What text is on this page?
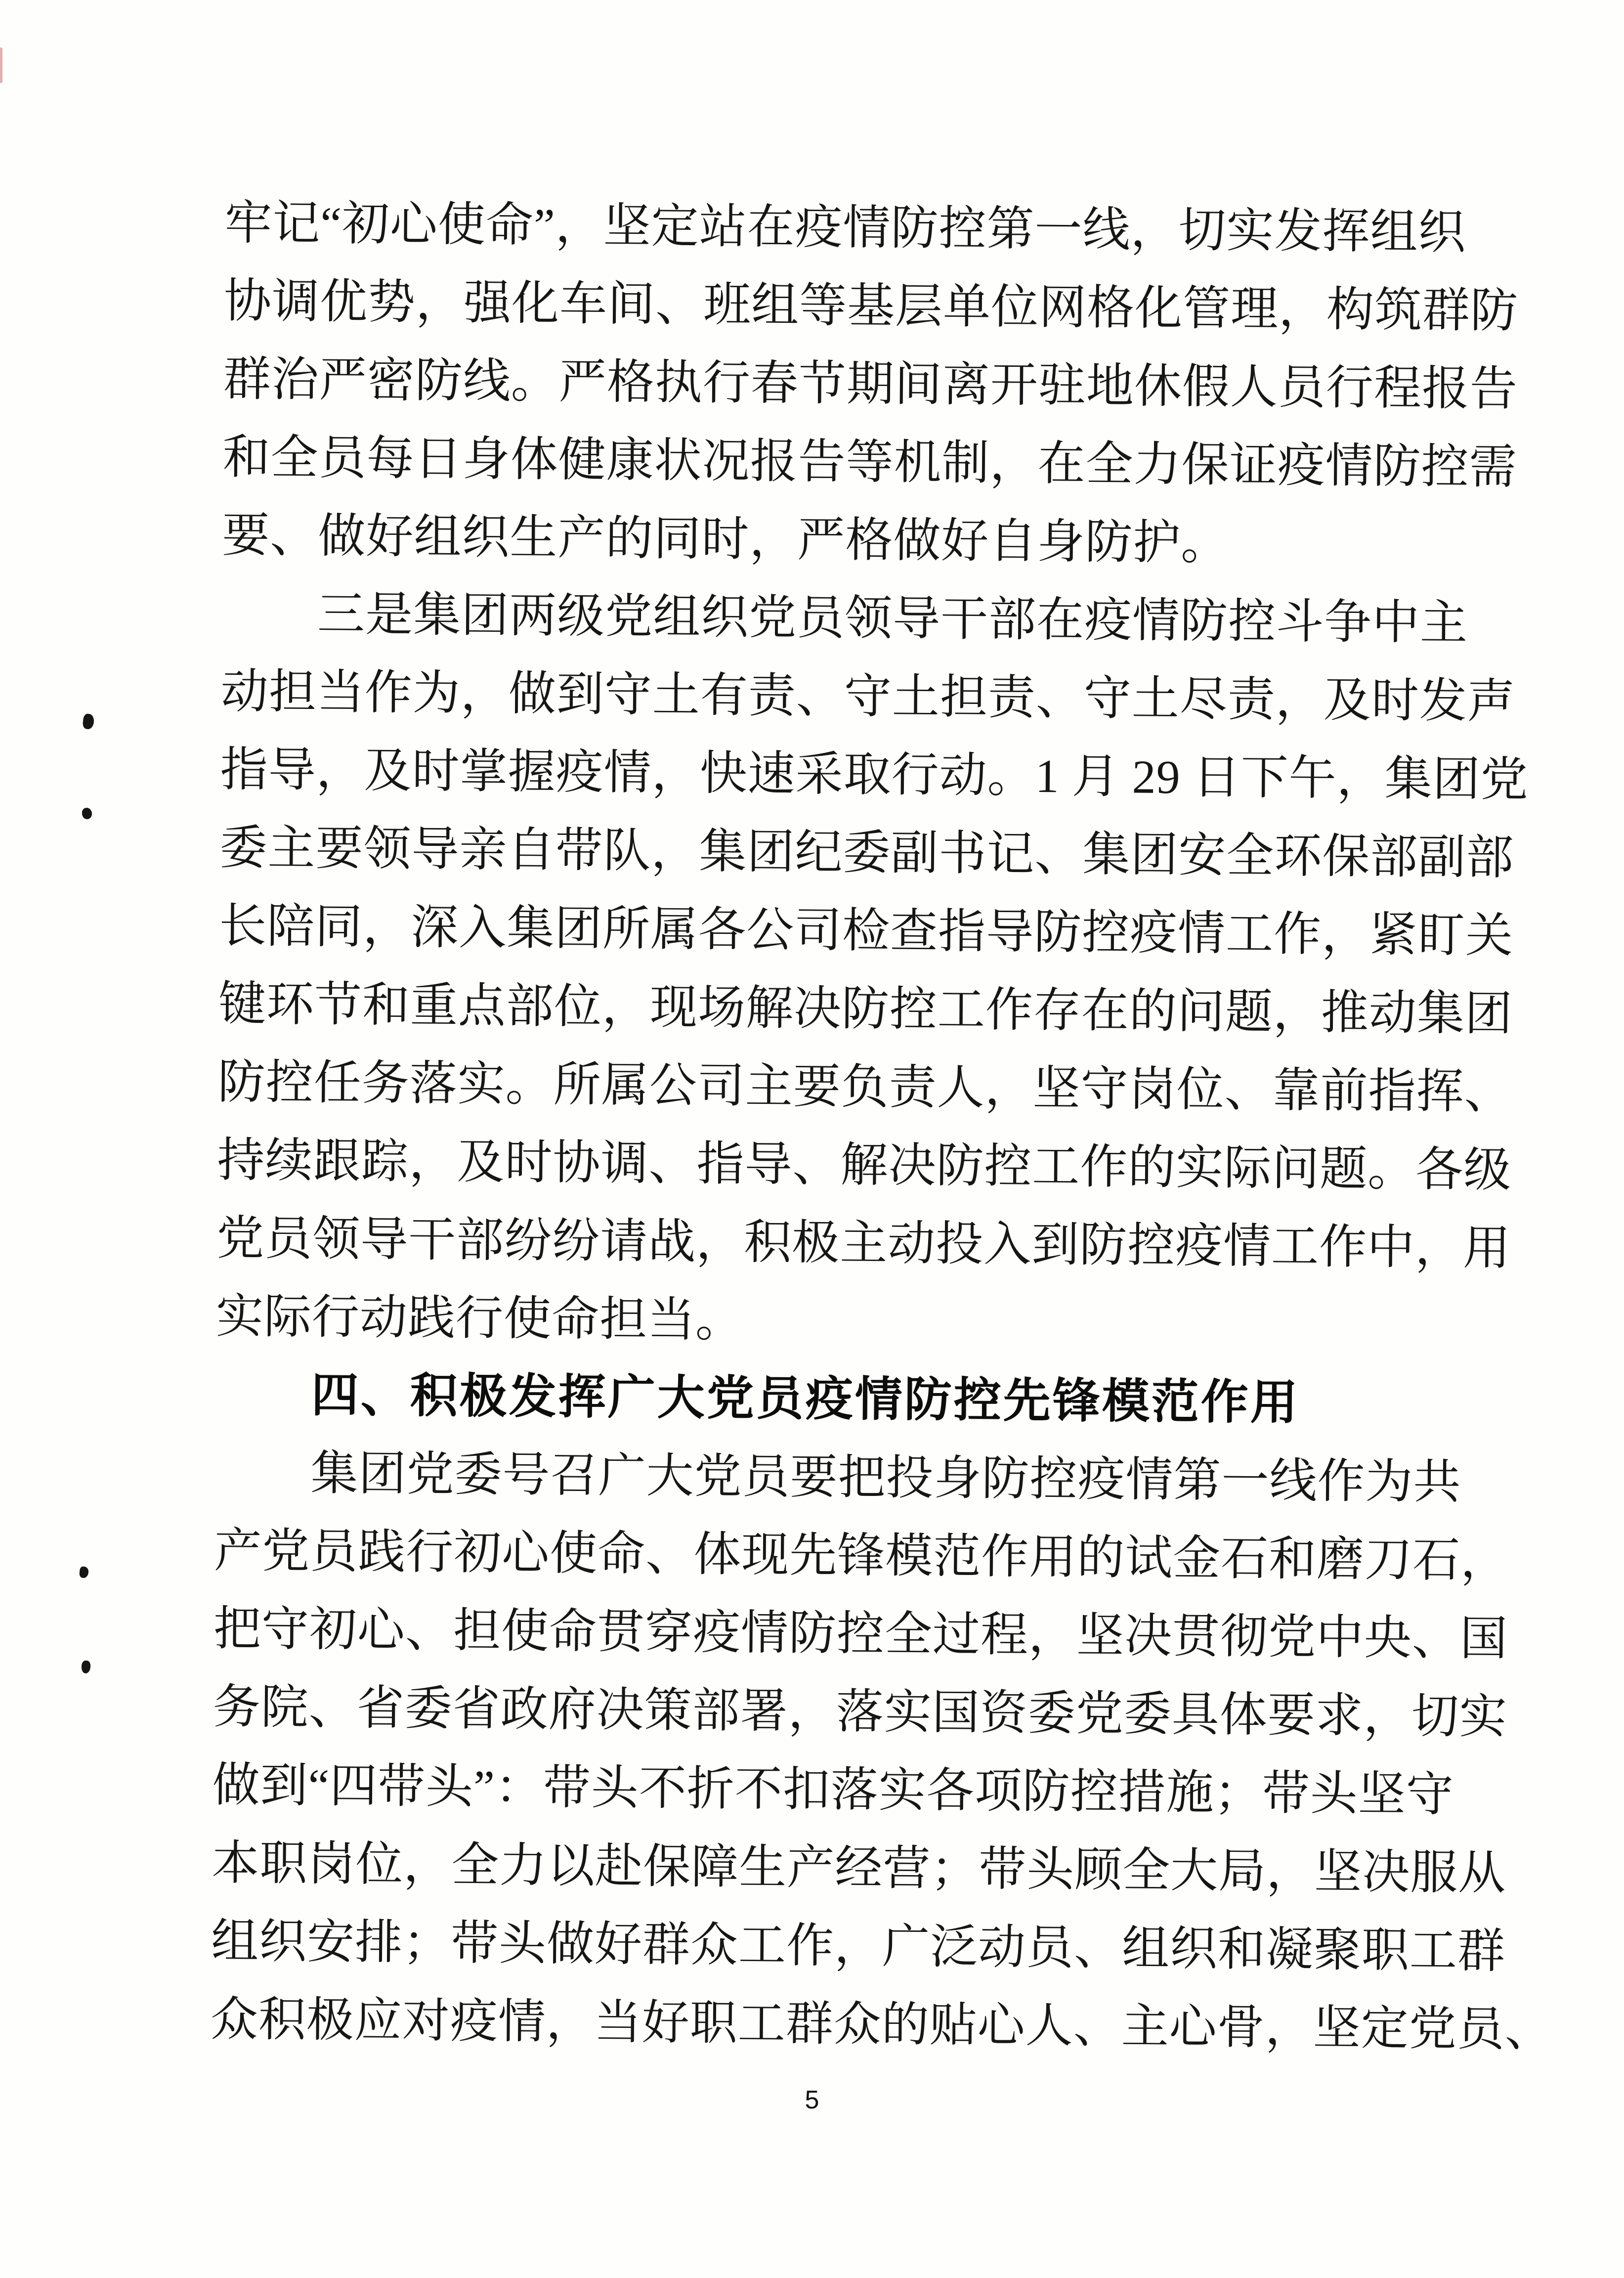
牢记“初心使命”，坚定站在疫情防控第一线，切实发挥组织
协调优势，强化车间、班组等基层单位网格化管理，构筑群防
群治严密防线。严格执行春节期间离开驻地休假人员行程报告
和全员每日身体健康状况报告等机制，在全力保证疫情防控需
要、做好组织生产的同时，严格做好自身防护。
三是集团两级党组织党员领导干部在疫情防控斗争中主
动担当作为，做到守土有责、守土担责、守土尽责，及时发声
指导，及时掌握疫情，快速采取行动。1 月 29 日下午，集团党
委主要领导亲自带队，集团纪委副书记、集团安全环保部副部
长陪同，深入集团所属各公司检查指导防控疫情工作，紧盯关
键环节和重点部位，现场解决防控工作存在的问题，推动集团
防控任务落实。所属公司主要负责人，坚守岗位、靠前指挥、
持续跟踪，及时协调、指导、解决防控工作的实际问题。各级
党员领导干部纷纷请战，积极主动投入到防控疫情工作中，用
实际行动践行使命担当。
四、积极发挥广大党员疫情防控先锋模范作用
集团党委号召广大党员要把投身防控疫情第一线作为共
产党员践行初心使命、体现先锋模范作用的试金石和磨刀石，
把守初心、担使命贯穿疫情防控全过程，坚决贯彻党中央、国
务院、省委省政府决策部署，落实国资委党委具体要求，切实
做到“四带头”：带头不折不扣落实各项防控措施；带头坚守
本职岗位，全力以赴保障生产经营；带头顾全大局，坚决服从
组织安排；带头做好群众工作，广泛动员、组织和凝聚职工群
众积极应对疫情，当好职工群众的贴心人、主心骨，坚定党员、
5
